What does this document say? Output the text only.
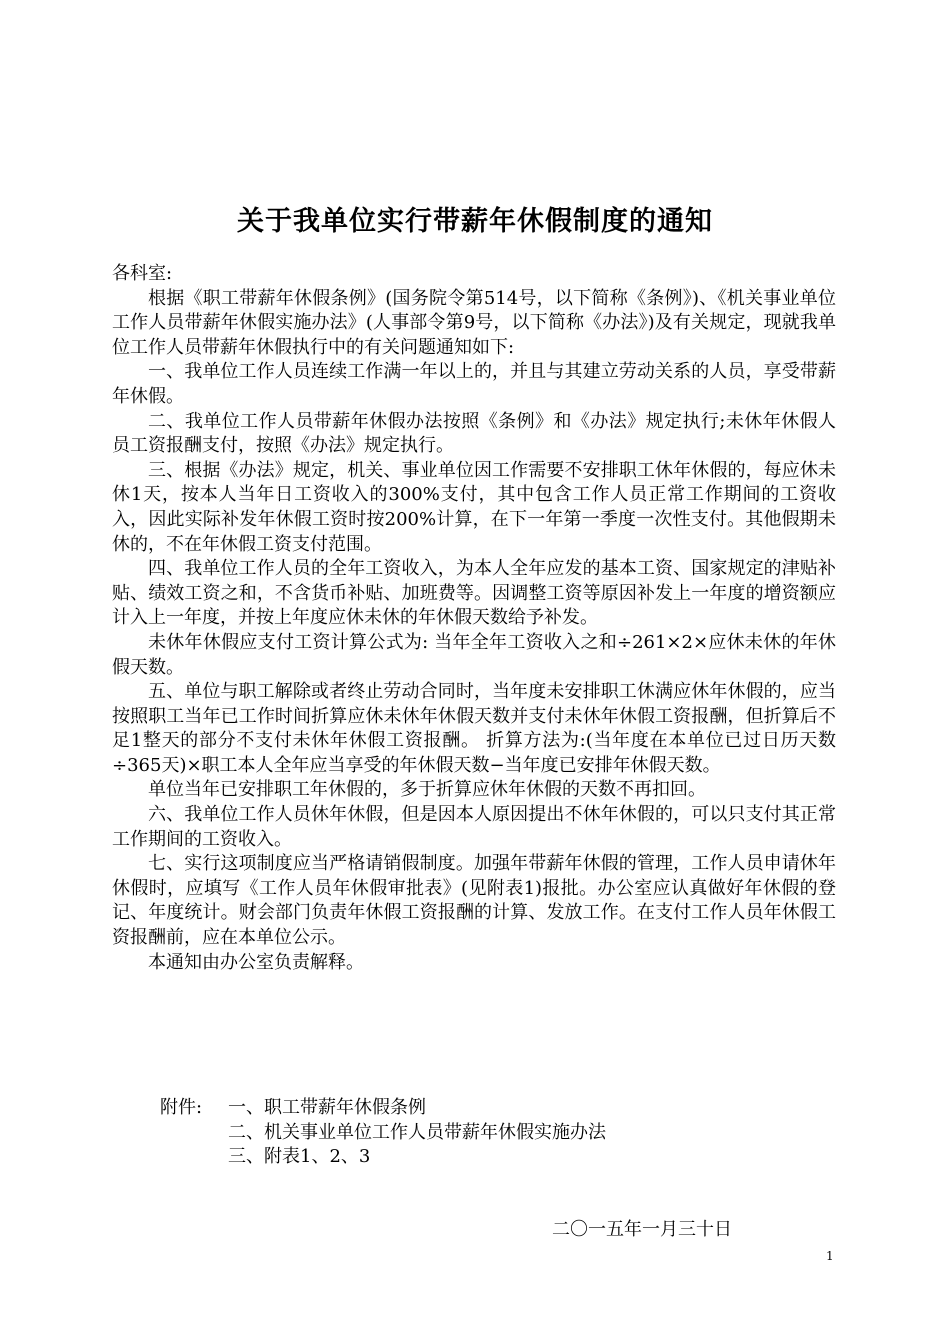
关于我单位实行带薪年休假制度的通知

各科室:

根据《职工带薪年休假条例》(国务院令第514号，以下简称《条例》)、《机关事业单位工作人员带薪年休假实施办法》(人事部令第9号，以下简称《办法》)及有关规定，现就我单位工作人员带薪年休假执行中的有关问题通知如下:

一、我单位工作人员连续工作满一年以上的，并且与其建立劳动关系的人员，享受带薪年休假。

二、我单位工作人员带薪年休假办法按照《条例》和《办法》规定执行;未休年休假人员工资报酬支付，按照《办法》规定执行。

三、根据《办法》规定，机关、事业单位因工作需要不安排职工休年休假的，每应休未休1天，按本人当年日工资收入的300%支付，其中包含工作人员正常工作期间的工资收入，因此实际补发年休假工资时按200%计算，在下一年第一季度一次性支付。其他假期未休的，不在年休假工资支付范围。

四、我单位工作人员的全年工资收入，为本人全年应发的基本工资、国家规定的津贴补贴、绩效工资之和，不含货币补贴、加班费等。因调整工资等原因补发上一年度的增资额应计入上一年度，并按上年度应休未休的年休假天数给予补发。

未休年休假应支付工资计算公式为: 当年全年工资收入之和÷261×2×应休未休的年休假天数。

五、单位与职工解除或者终止劳动合同时，当年度未安排职工休满应休年休假的，应当按照职工当年已工作时间折算应休未休年休假天数并支付未休年休假工资报酬，但折算后不足1整天的部分不支付未休年休假工资报酬。 折算方法为:(当年度在本单位已过日历天数÷365天)×职工本人全年应当享受的年休假天数−当年度已安排年休假天数。

单位当年已安排职工年休假的，多于折算应休年休假的天数不再扣回。

六、我单位工作人员休年休假，但是因本人原因提出不休年休假的，可以只支付其正常工作期间的工资收入。

七、实行这项制度应当严格请销假制度。加强年带薪年休假的管理，工作人员申请休年休假时，应填写《工作人员年休假审批表》(见附表1)报批。办公室应认真做好年休假的登记、年度统计。财会部门负责年休假工资报酬的计算、发放工作。在支付工作人员年休假工资报酬前，应在本单位公示。

本通知由办公室负责解释。

附件:	一、职工带薪年休假条例
二、机关事业单位工作人员带薪年休假实施办法
三、附表1、2、3
二〇一五年一月三十日
1
